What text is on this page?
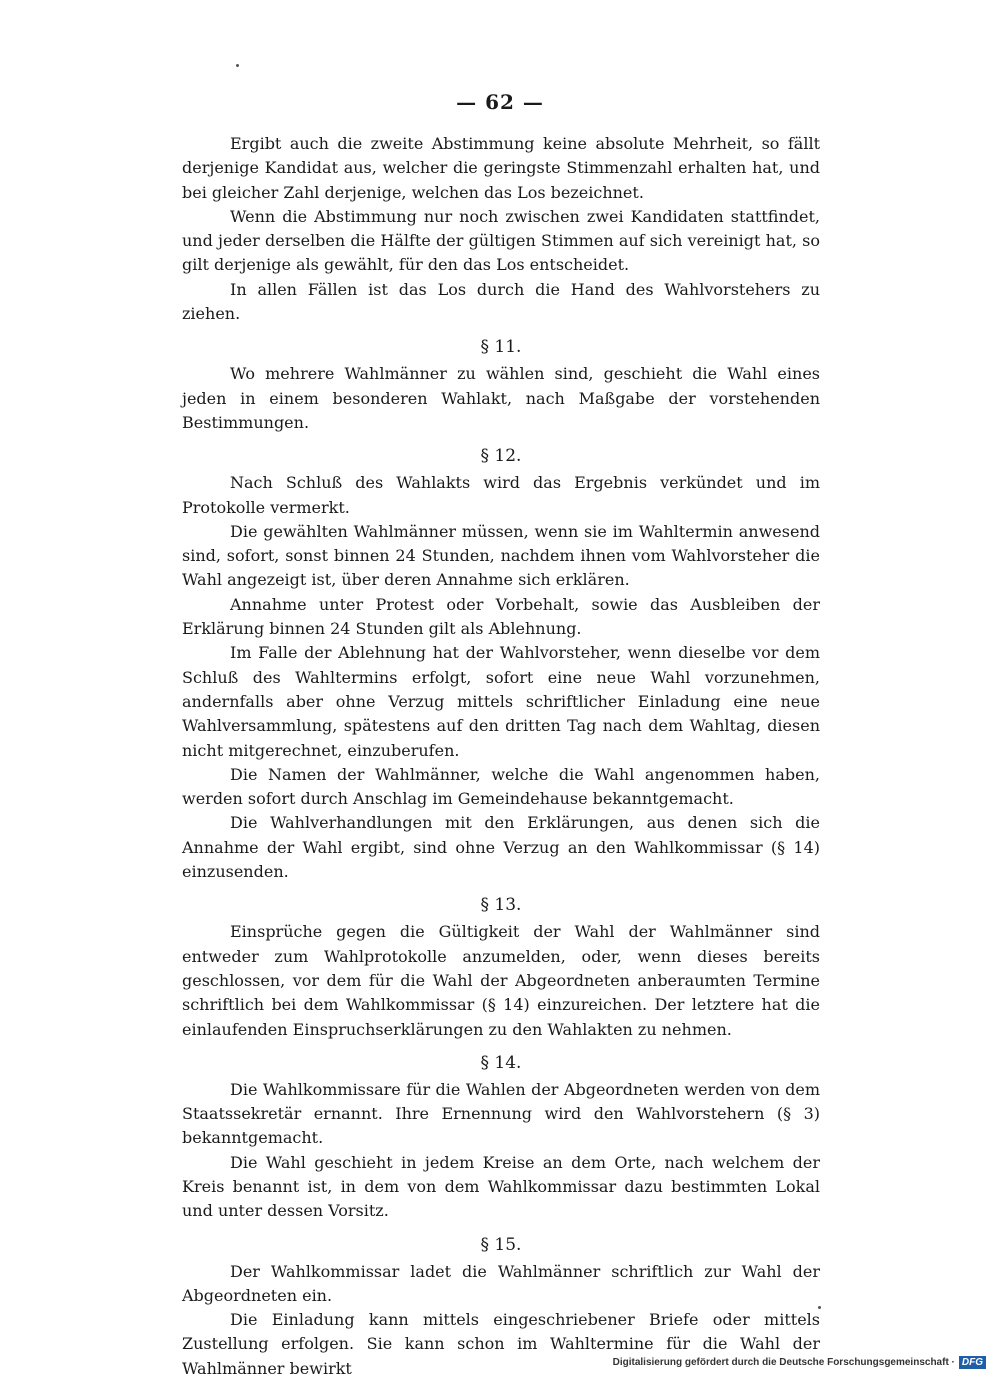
— 62 —

Ergibt auch die zweite Abstimmung keine absolute Mehrheit, so fällt derjenige Kandidat aus, welcher die geringste Stimmenzahl erhalten hat, und bei gleicher Zahl derjenige, welchen das Los bezeichnet.

Wenn die Abstimmung nur noch zwischen zwei Kandidaten stattfindet, und jeder derselben die Hälfte der gültigen Stimmen auf sich vereinigt hat, so gilt derjenige als gewählt, für den das Los entscheidet.

In allen Fällen ist das Los durch die Hand des Wahlvorstehers zu ziehen.

§ 11.

Wo mehrere Wahlmänner zu wählen sind, geschieht die Wahl eines jeden in einem besonderen Wahlakt, nach Maßgabe der vorstehenden Bestimmungen.

§ 12.

Nach Schluß des Wahlakts wird das Ergebnis verkündet und im Protokolle vermerkt.

Die gewählten Wahlmänner müssen, wenn sie im Wahltermin anwesend sind, sofort, sonst binnen 24 Stunden, nachdem ihnen vom Wahlvorsteher die Wahl angezeigt ist, über deren Annahme sich erklären.

Annahme unter Protest oder Vorbehalt, sowie das Ausbleiben der Erklärung binnen 24 Stunden gilt als Ablehnung.

Im Falle der Ablehnung hat der Wahlvorsteher, wenn dieselbe vor dem Schluß des Wahltermins erfolgt, sofort eine neue Wahl vorzunehmen, andernfalls aber ohne Verzug mittels schriftlicher Einladung eine neue Wahlversammlung, spätestens auf den dritten Tag nach dem Wahltag, diesen nicht mitgerechnet, einzuberufen.

Die Namen der Wahlmänner, welche die Wahl angenommen haben, werden sofort durch Anschlag im Gemeindehause bekanntgemacht.

Die Wahlverhandlungen mit den Erklärungen, aus denen sich die Annahme der Wahl ergibt, sind ohne Verzug an den Wahlkommissar (§ 14) einzusenden.

§ 13.

Einsprüche gegen die Gültigkeit der Wahl der Wahlmänner sind entweder zum Wahlprotokolle anzumelden, oder, wenn dieses bereits geschlossen, vor dem für die Wahl der Abgeordneten anberaumten Termine schriftlich bei dem Wahlkommissar (§ 14) einzureichen. Der letztere hat die einlaufenden Einspruchserklärungen zu den Wahlakten zu nehmen.

§ 14.

Die Wahlkommissare für die Wahlen der Abgeordneten werden von dem Staatssekretär ernannt. Ihre Ernennung wird den Wahlvorstehern (§ 3) bekanntgemacht.

Die Wahl geschieht in jedem Kreise an dem Orte, nach welchem der Kreis benannt ist, in dem von dem Wahlkommissar dazu bestimmten Lokal und unter dessen Vorsitz.

§ 15.

Der Wahlkommissar ladet die Wahlmänner schriftlich zur Wahl der Abgeordneten ein.

Die Einladung kann mittels eingeschriebener Briefe oder mittels Zustellung erfolgen. Sie kann schon im Wahltermine für die Wahl der Wahlmänner bewirkt	Digitalisierung gefördert durch die Deutsche Forschungsgemeinschaft · DFG
